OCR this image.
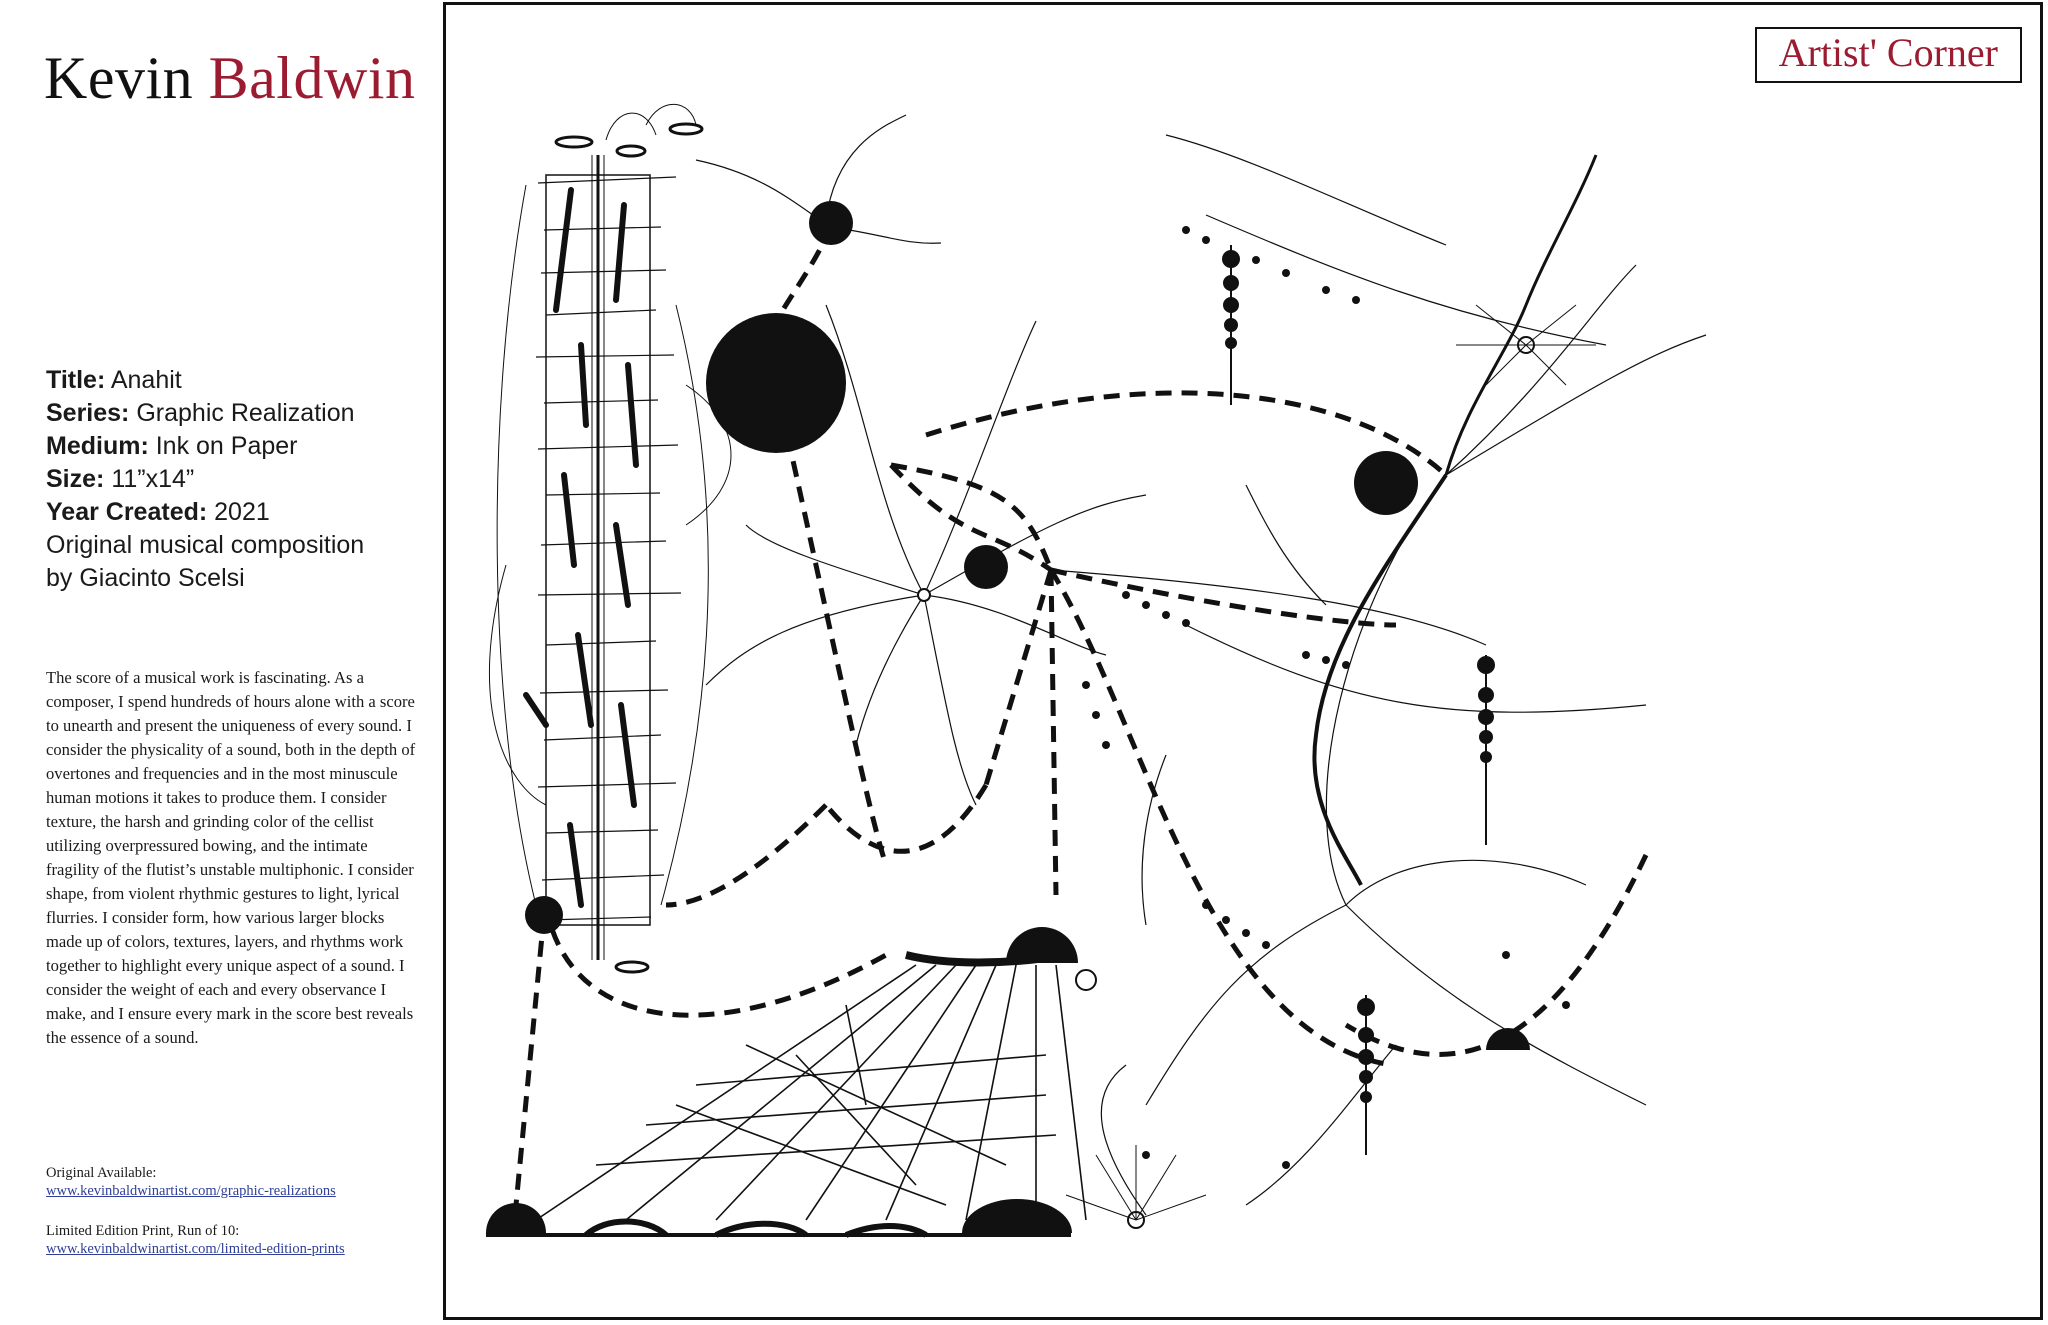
Kevin Baldwin
Title: Anahit
Series: Graphic Realization
Medium: Ink on Paper
Size: 11”x14”
Year Created: 2021
Original musical composition
by Giacinto Scelsi

The score of a musical work is fascinating. As a composer, I spend hundreds of hours alone with a score to unearth and present the uniqueness of every sound. I consider the physicality of a sound, both in the depth of overtones and frequencies and in the most minuscule human motions it takes to produce them. I consider texture, the harsh and grinding color of the cellist utilizing overpressured bowing, and the intimate fragility of the flutist’s unstable multiphonic. I consider shape, from violent rhythmic gestures to light, lyrical flurries. I consider form, how various larger blocks made up of colors, textures, layers, and rhythms work together to highlight every unique aspect of a sound. I consider the weight of each and every observance I make, and I ensure every mark in the score best reveals the essence of a sound.

Original Available:
www.kevinbaldwinartist.com/graphic-realizations
Limited Edition Print, Run of 10:
www.kevinbaldwinartist.com/limited-edition-prints
Artist' Corner
